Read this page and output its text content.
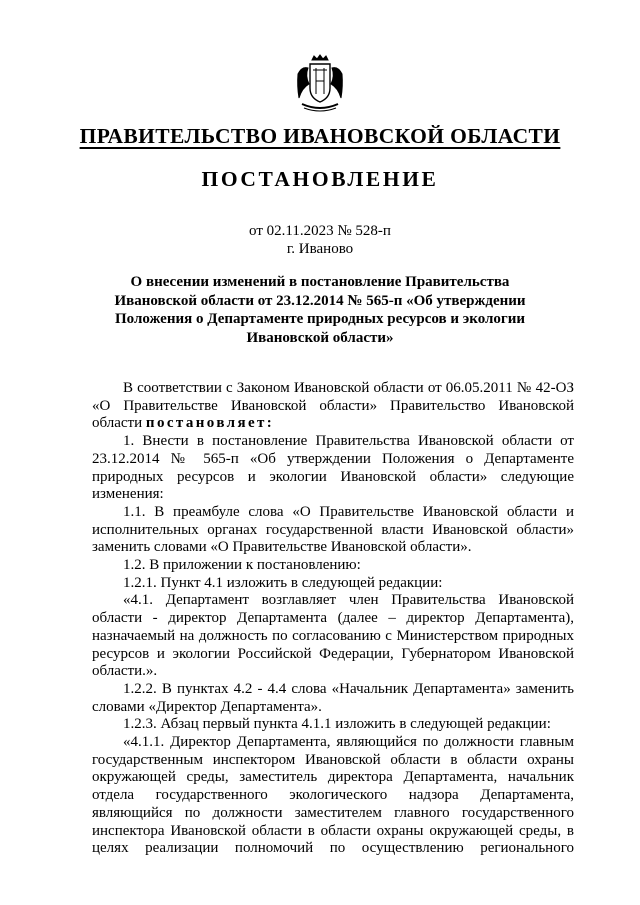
ПРАВИТЕЛЬСТВО ИВАНОВСКОЙ ОБЛАСТИ
ПОСТАНОВЛЕНИЕ
от 02.11.2023 № 528-п
г. Иваново
О внесении изменений в постановление Правительства Ивановской области от 23.12.2014 № 565-п «Об утверждении Положения о Департаменте природных ресурсов и экологии Ивановской области»

В соответствии с Законом Ивановской области от 06.05.2011 № 42-ОЗ «О Правительстве Ивановской области» Правительство Ивановской области постановляет:

1. Внести в постановление Правительства Ивановской области от 23.12.2014 № 565-п «Об утверждении Положения о Департаменте природных ресурсов и экологии Ивановской области» следующие изменения:

1.1. В преамбуле слова «О Правительстве Ивановской области и исполнительных органах государственной власти Ивановской области» заменить словами «О Правительстве Ивановской области».

1.2. В приложении к постановлению:

1.2.1. Пункт 4.1 изложить в следующей редакции:

«4.1. Департамент возглавляет член Правительства Ивановской области - директор Департамента (далее – директор Департамента), назначаемый на должность по согласованию с Министерством природных ресурсов и экологии Российской Федерации, Губернатором Ивановской области.».

1.2.2. В пунктах 4.2 - 4.4 слова «Начальник Департамента» заменить словами «Директор Департамента».

1.2.3. Абзац первый пункта 4.1.1 изложить в следующей редакции:

«4.1.1. Директор Департамента, являющийся по должности главным государственным инспектором Ивановской области в области охраны окружающей среды, заместитель директора Департамента, начальник отдела государственного экологического надзора Департамента, являющийся по должности заместителем главного государственного инспектора Ивановской области в области охраны окружающей среды, в целях реализации полномочий по осуществлению регионального
